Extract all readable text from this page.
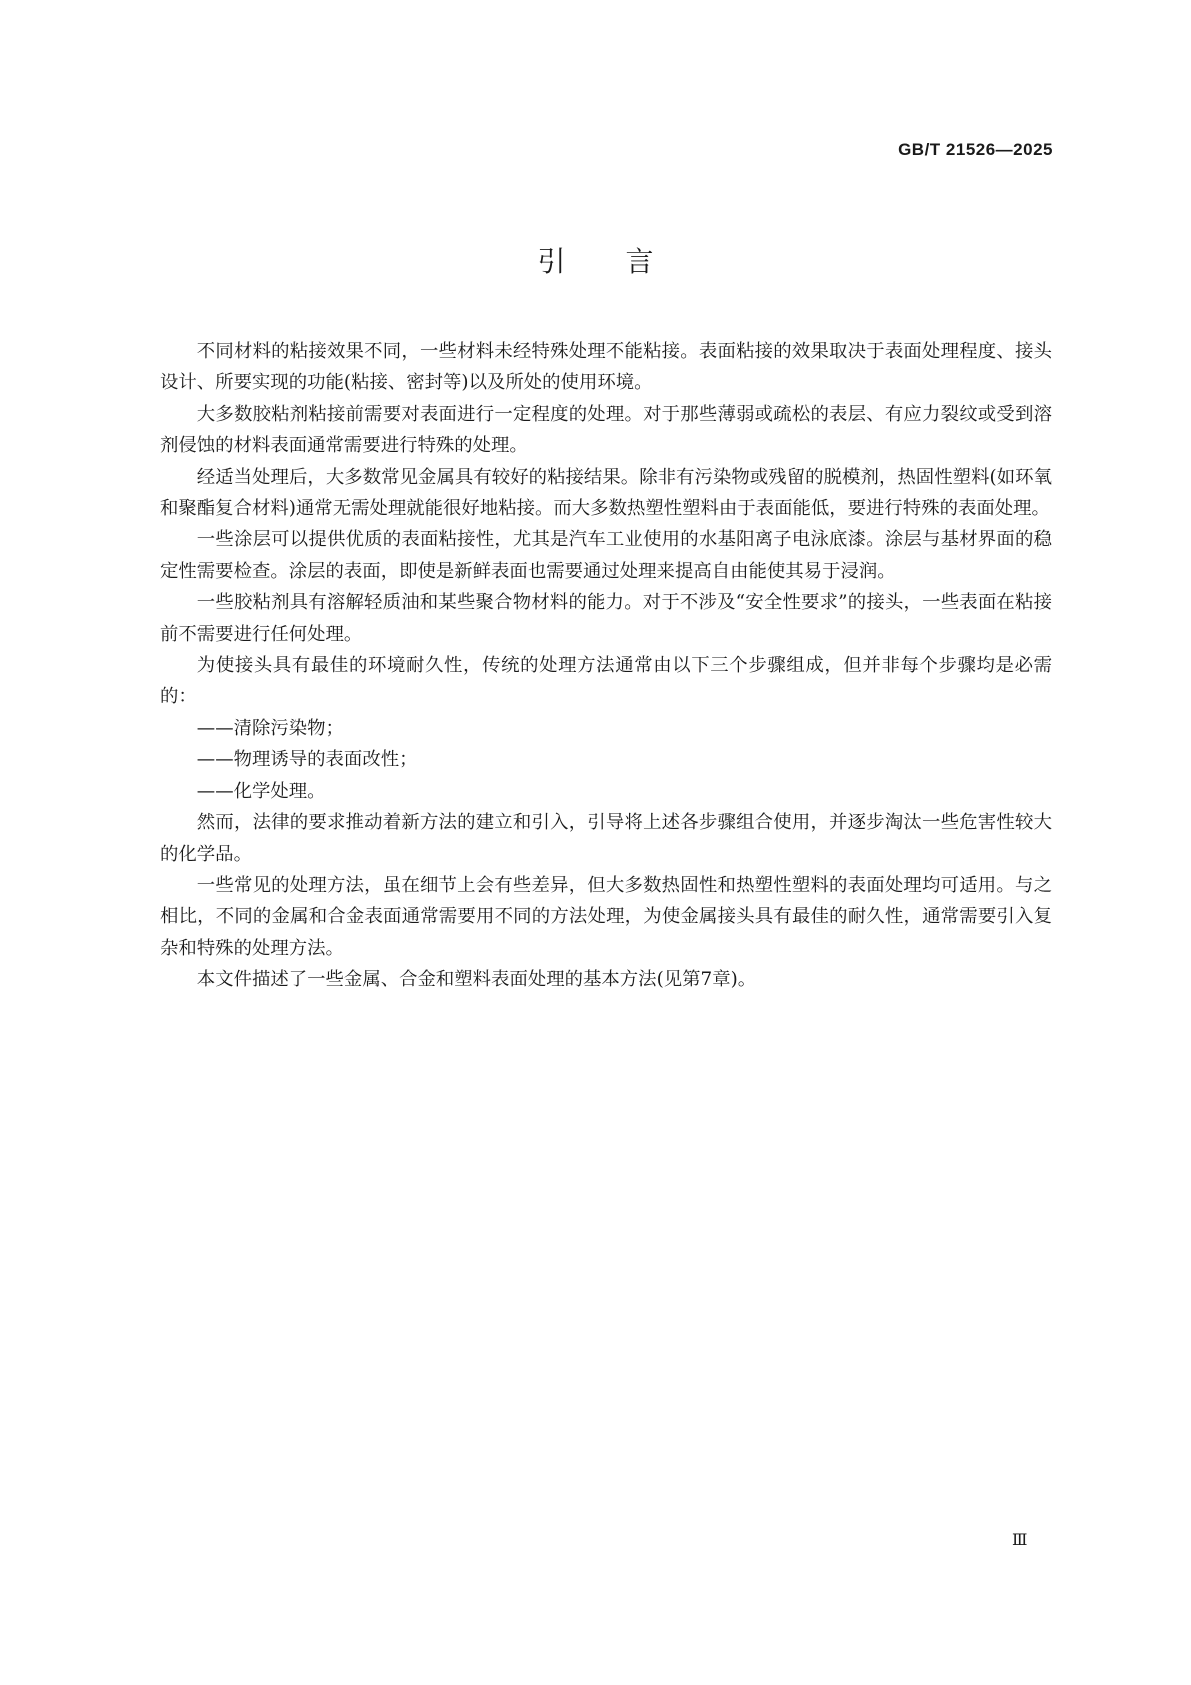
GB/T 21526—2025
引言

不同材料的粘接效果不同，一些材料未经特殊处理不能粘接。表面粘接的效果取决于表面处理程度、接头设计、所要实现的功能(粘接、密封等)以及所处的使用环境。

大多数胶粘剂粘接前需要对表面进行一定程度的处理。对于那些薄弱或疏松的表层、有应力裂纹或受到溶剂侵蚀的材料表面通常需要进行特殊的处理。

经适当处理后，大多数常见金属具有较好的粘接结果。除非有污染物或残留的脱模剂，热固性塑料(如环氧和聚酯复合材料)通常无需处理就能很好地粘接。而大多数热塑性塑料由于表面能低，要进行特殊的表面处理。

一些涂层可以提供优质的表面粘接性，尤其是汽车工业使用的水基阳离子电泳底漆。涂层与基材界面的稳定性需要检查。涂层的表面，即使是新鲜表面也需要通过处理来提高自由能使其易于浸润。

一些胶粘剂具有溶解轻质油和某些聚合物材料的能力。对于不涉及“安全性要求”的接头，一些表面在粘接前不需要进行任何处理。

为使接头具有最佳的环境耐久性，传统的处理方法通常由以下三个步骤组成，但并非每个步骤均是必需的：

——清除污染物；

——物理诱导的表面改性；

——化学处理。

然而，法律的要求推动着新方法的建立和引入，引导将上述各步骤组合使用，并逐步淘汰一些危害性较大的化学品。

一些常见的处理方法，虽在细节上会有些差异，但大多数热固性和热塑性塑料的表面处理均可适用。与之相比，不同的金属和合金表面通常需要用不同的方法处理，为使金属接头具有最佳的耐久性，通常需要引入复杂和特殊的处理方法。

本文件描述了一些金属、合金和塑料表面处理的基本方法(见第7章)。

Ⅲ
